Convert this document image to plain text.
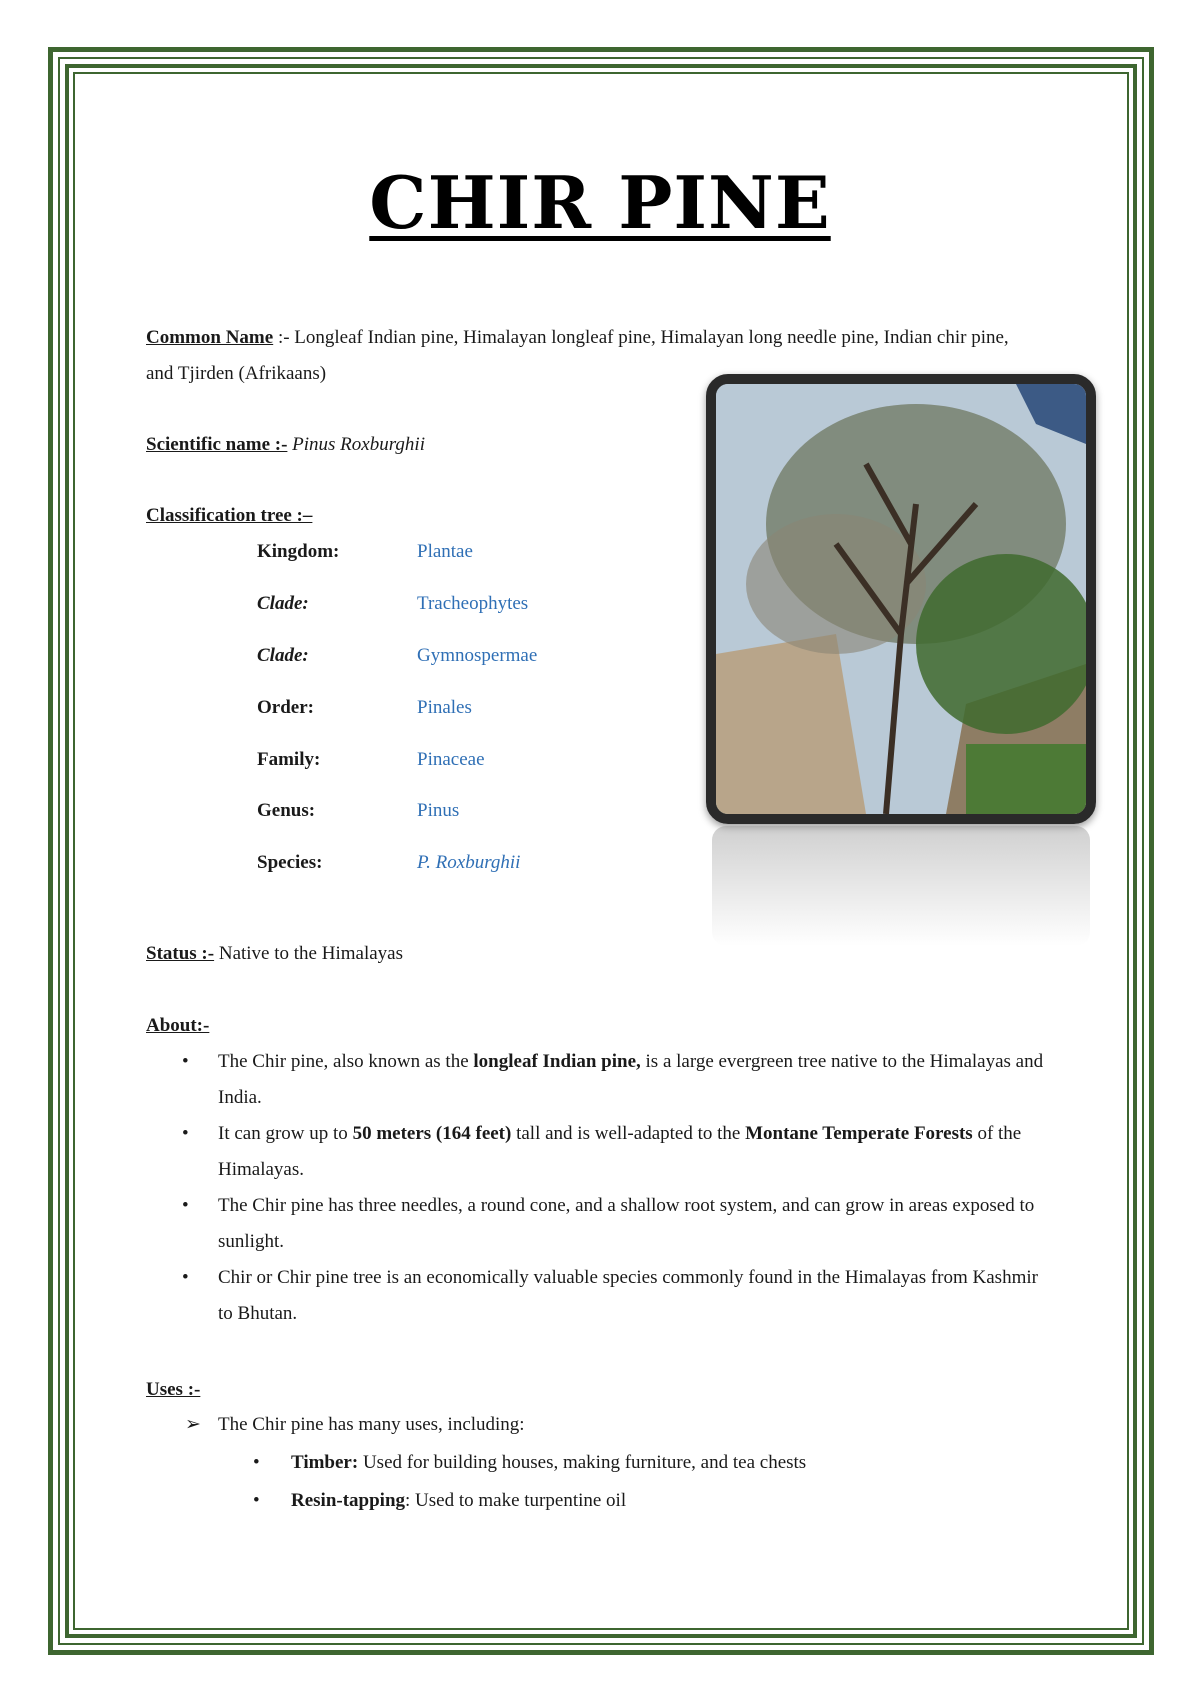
CHIR PINE
Common Name :- Longleaf Indian pine, Himalayan longleaf pine, Himalayan long needle pine, Indian chir pine, and Tjirden (Afrikaans)
Scientific name :- Pinus Roxburghii
Classification tree :–
Kingdom:	Plantae
Clade:	Tracheophytes
Clade:	Gymnospermae
Order:	Pinales
Family:	Pinaceae
Genus:	Pinus
Species:	P. Roxburghii
Status :- Native to the Himalayas
About:-
• The Chir pine, also known as the longleaf Indian pine, is a large evergreen tree native to the Himalayas and India.
• It can grow up to 50 meters (164 feet) tall and is well-adapted to the Montane Temperate Forests of the Himalayas.
• The Chir pine has three needles, a round cone, and a shallow root system, and can grow in areas exposed to sunlight.
• Chir or Chir pine tree is an economically valuable species commonly found in the Himalayas from Kashmir to Bhutan.
Uses :-
➢ The Chir pine has many uses, including:
• Timber: Used for building houses, making furniture, and tea chests
• Resin-tapping: Used to make turpentine oil
